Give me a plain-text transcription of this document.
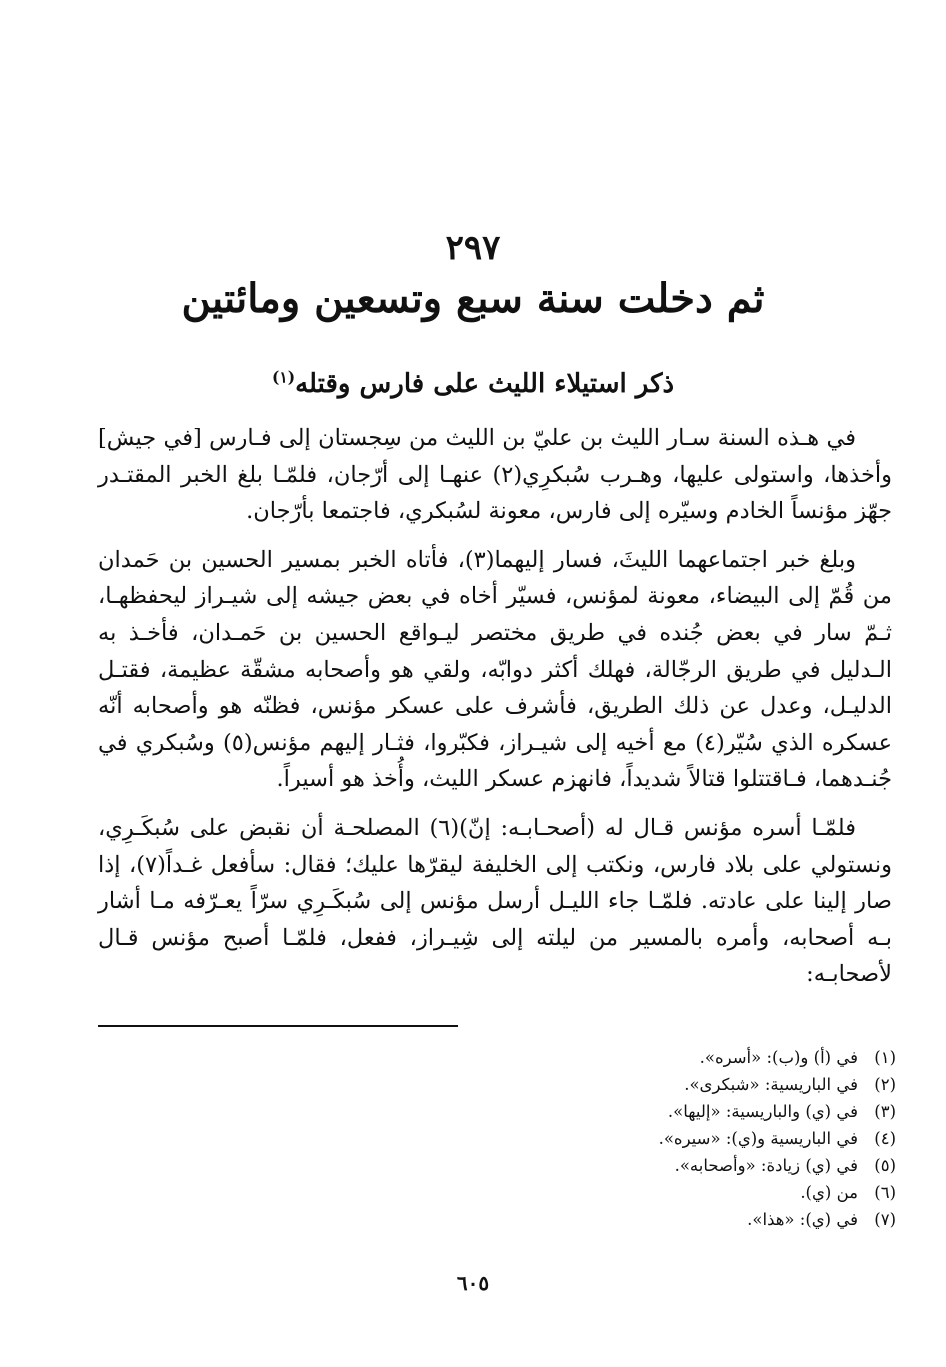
٢٩٧
ثم دخلت سنة سبع وتسعين ومائتين
ذكر استيلاء الليث على فارس وقتله$^{(١)}$

في هـذه السنة سـار الليث بن عليّ بن الليث من سِجستان إلى فـارس [في جيش] وأخذها، واستولى عليها، وهـرب سُبكرِي(٢) عنهـا إلى أرّجان، فلمّـا بلغ الخبر المقتـدر جهّز مؤنساً الخادم وسيّره إلى فارس، معونة لسُبكري، فاجتمعا بأرّجان.

وبلغ خبر اجتماعهما الليثَ، فسار إليهما(٣)، فأتاه الخبر بمسير الحسين بن حَمدان من قُمّ إلى البيضاء، معونة لمؤنس، فسيّر أخاه في بعض جيشه إلى شيـراز ليحفظهـا، ثـمّ سار في بعض جُنده في طريق مختصر ليـواقع الحسين بن حَمـدان، فأخـذ به الـدليل في طريق الرجّالة، فهلك أكثر دوابّه، ولقي هو وأصحابه مشقّة عظيمة، فقتـل الدليـل، وعدل عن ذلك الطريق، فأشرف على عسكر مؤنس، فظنّه هو وأصحابه أنّه عسكره الذي سُيّر(٤) مع أخيه إلى شيـراز، فكبّروا، فثـار إليهم مؤنس(٥) وسُبكري في جُنـدهما، فـاقتتلوا قتالاً شديداً، فانهزم عسكر الليث، وأُخذ هو أسيراً.

فلمّـا أسره مؤنس قـال له (أصحـابـه: إنّ)(٦) المصلحـة أن نقبض على سُبكَـرِي، ونستولي على بلاد فارس، ونكتب إلى الخليفة ليقرّها عليك؛ فقال: سأفعل غـداً(٧)، إذا صار إلينا على عادته. فلمّـا جاء الليـل أرسل مؤنس إلى سُبكَـرِي سرّاً يعـرّفه مـا أشار بـه أصحابه، وأمره بالمسير من ليلته إلى شِيـراز، ففعل، فلمّـا أصبح مؤنس قـال لأصحابـه:

(١)
في (أ) و(ب): «أسره».
(٢)
في الباريسية: «شبكرى».
(٣)
في (ي) والباريسية: «إليها».
(٤)
في الباريسية و(ي): «سيره».
(٥)
في (ي) زيادة: «وأصحابه».
(٦)
من (ي).
(٧)
في (ي): «هذا».
٦٠٥
